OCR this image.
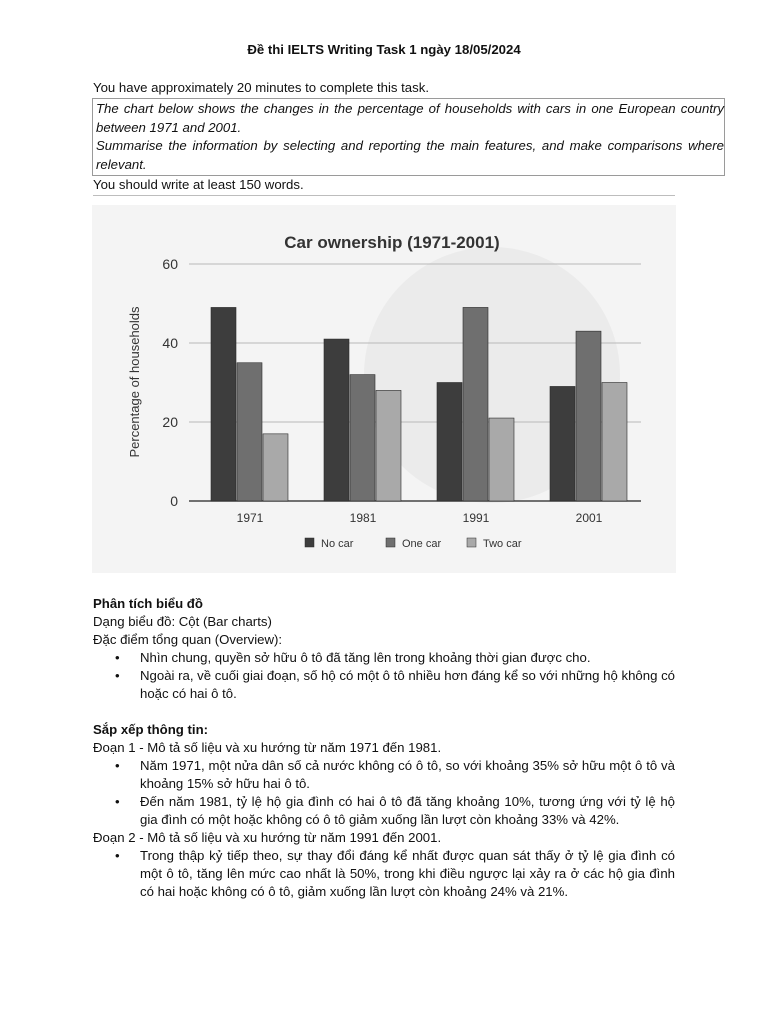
Đề thi IELTS Writing Task 1 ngày 18/05/2024
You have approximately 20 minutes to complete this task.

The chart below shows the changes in the percentage of households with cars in one European country between 1971 and 2001.

Summarise the information by selecting and reporting the main features, and make comparisons where relevant.

You should write at least 150 words.
Car ownership (1971-2001)
Percentage of households
0
20
40
60
1971	1981	1991	2001
No car	One car	Two car
Phân tích biểu đồ

Dạng biểu đồ: Cột (Bar charts)

Đặc điểm tổng quan (Overview):

• Nhìn chung, quyền sở hữu ô tô đã tăng lên trong khoảng thời gian được cho.
• Ngoài ra, về cuối giai đoạn, số hộ có một ô tô nhiều hơn đáng kể so với những hộ không có hoặc có hai ô tô.
Sắp xếp thông tin:

Đoạn 1 - Mô tả số liệu và xu hướng từ năm 1971 đến 1981.

• Năm 1971, một nửa dân số cả nước không có ô tô, so với khoảng 35% sở hữu một ô tô và khoảng 15% sở hữu hai ô tô.
• Đến năm 1981, tỷ lệ hộ gia đình có hai ô tô đã tăng khoảng 10%, tương ứng với tỷ lệ hộ gia đình có một hoặc không có ô tô giảm xuống lần lượt còn khoảng 33% và 42%.

Đoạn 2 - Mô tả số liệu và xu hướng từ năm 1991 đến 2001.

• Trong thập kỷ tiếp theo, sự thay đổi đáng kể nhất được quan sát thấy ở tỷ lệ gia đình có một ô tô, tăng lên mức cao nhất là 50%, trong khi điều ngược lại xảy ra ở các hộ gia đình có hai hoặc không có ô tô, giảm xuống lần lượt còn khoảng 24% và 21%.
